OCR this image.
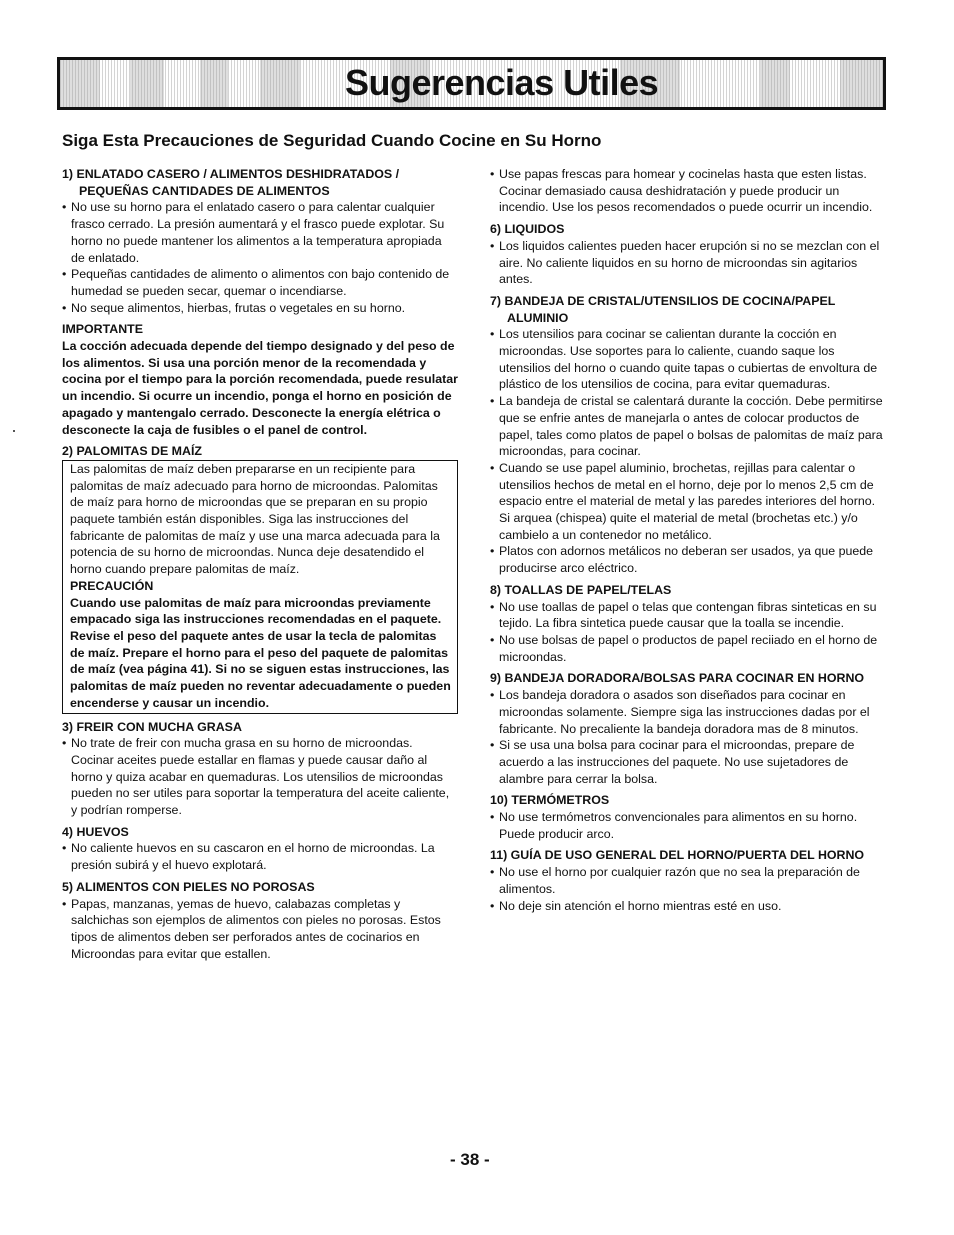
Sugerencias Utiles
Siga Esta Precauciones de Seguridad Cuando Cocine en Su Horno

1) ENLATADO CASERO / ALIMENTOS DESHIDRATADOS / PEQUEÑAS CANTIDADES DE ALIMENTOS

• No use su horno para el enlatado casero o para calentar cualquier frasco cerrado. La presión aumentará y el frasco puede explotar. Su horno no puede mantener los alimentos a la temperatura apropiada de enlatado.

• Pequeñas cantidades de alimento o alimentos con bajo contenido de humedad se pueden secar, quemar o incendiarse.

• No seque alimentos, hierbas, frutas o vegetales en su horno.

IMPORTANTE

La cocción adecuada depende del tiempo designado y del peso de los alimentos. Si usa una porción menor de la recomendada y cocina por el tiempo para la porción recomendada, puede resulatar un incendio. Si ocurre un incendio, ponga el horno en posición de apagado y mantengalo cerrado. Desconecte la energía elétrica o desconecte la caja de fusibles o el panel de control.

2) PALOMITAS DE MAÍZ

Las palomitas de maíz deben prepararse en un recipiente para palomitas de maíz adecuado para horno de microondas. Palomitas de maíz para horno de microondas que se preparan en su propio paquete también están disponibles. Siga las instrucciones del fabricante de palomitas de maíz y use una marca adecuada para la potencia de su horno de microondas. Nunca deje desatendido el horno cuando prepare palomitas de maíz.

PRECAUCIÓN

Cuando use palomitas de maíz para microondas previamente empacado siga las instrucciones recomendadas en el paquete. Revise el peso del paquete antes de usar la tecla de palomitas de maíz. Prepare el horno para el peso del paquete de palomitas de maíz (vea página 41). Si no se siguen estas instrucciones, las palomitas de maíz pueden no reventar adecuadamente o pueden encenderse y causar un incendio.

3) FREIR CON MUCHA GRASA

• No trate de freir con mucha grasa en su horno de microondas. Cocinar aceites puede estallar en flamas y puede causar daño al horno y quiza acabar en quemaduras. Los utensilios de microondas pueden no ser utiles para soportar la temperatura del aceite caliente, y podrían romperse.

4) HUEVOS

• No caliente huevos en su cascaron en el horno de microondas. La presión subirá y el huevo explotará.

5) ALIMENTOS CON PIELES NO POROSAS

• Papas, manzanas, yemas de huevo, calabazas completas y salchichas son ejemplos de alimentos con pieles no porosas. Estos tipos de alimentos deben ser perforados antes de cocinarios en Microondas para evitar que estallen.

• Use papas frescas para homear y cocinelas hasta que esten listas. Cocinar demasiado causa deshidratación y puede producir un incendio. Use los pesos recomendados o puede ocurrir un incendio.

6) LIQUIDOS

• Los liquidos calientes pueden hacer erupción si no se mezclan con el aire. No caliente liquidos en su horno de microondas sin agitarios antes.

7) BANDEJA DE CRISTAL/UTENSILIOS DE COCINA/PAPEL ALUMINIO

• Los utensilios para cocinar se calientan durante la cocción en microondas. Use soportes para lo caliente, cuando saque los utensilios del horno o cuando quite tapas o cubiertas de envoltura de plástico de los utensilios de cocina, para evitar quemaduras.

• La bandeja de cristal se calentará durante la cocción. Debe permitirse que se enfrie antes de manejarla o antes de colocar productos de papel, tales como platos de papel o bolsas de palomitas de maíz para microondas, para cocinar.

• Cuando se use papel aluminio, brochetas, rejillas para calentar o utensilios hechos de metal en el horno, deje por lo menos 2,5 cm de espacio entre el material de metal y las paredes interiores del horno. Si arquea (chispea) quite el material de metal (brochetas etc.) y/o cambielo a un contenedor no metálico.

• Platos con adornos metálicos no deberan ser usados, ya que puede producirse arco eléctrico.

8) TOALLAS DE PAPEL/TELAS

• No use toallas de papel o telas que contengan fibras sinteticas en su tejido. La fibra sintetica puede causar que la toalla se incendie.

• No use bolsas de papel o productos de papel reciiado en el horno de microondas.

9) BANDEJA DORADORA/BOLSAS PARA COCINAR EN HORNO

• Los bandeja doradora o asados son diseñados para cocinar en microondas solamente. Siempre siga las instrucciones dadas por el fabricante. No precaliente la bandeja doradora mas de 8 minutos.

• Si se usa una bolsa para cocinar para el microondas, prepare de acuerdo a las instrucciones del paquete. No use sujetadores de alambre para cerrar la bolsa.

10) TERMÓMETROS

• No use termómetros convencionales para alimentos en su horno. Puede producir arco.

11) GUÍA DE USO GENERAL DEL HORNO/PUERTA DEL HORNO

• No use el horno por cualquier razón que no sea la preparación de alimentos.

• No deje sin atención el horno mientras esté en uso.

- 38 -
